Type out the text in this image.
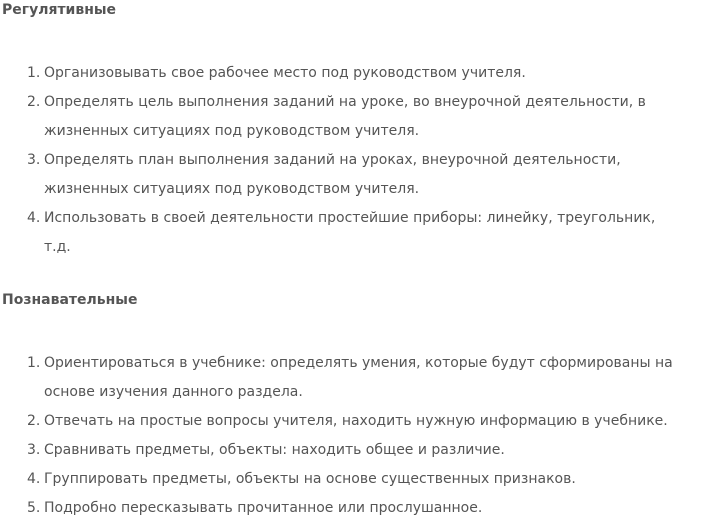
Регулятивные
1. Организовывать свое рабочее место под руководством учителя.
2. Определять цель выполнения заданий на уроке, во внеурочной деятельности, в
жизненных ситуациях под руководством учителя.
3. Определять план выполнения заданий на уроках, внеурочной деятельности,
жизненных ситуациях под руководством учителя.
4. Использовать в своей деятельности простейшие приборы: линейку, треугольник,
т.д.
Познавательные
1. Ориентироваться в учебнике: определять умения, которые будут сформированы на
основе изучения данного раздела.
2. Отвечать на простые вопросы учителя, находить нужную информацию в учебнике.
3. Сравнивать предметы, объекты: находить общее и различие.
4. Группировать предметы, объекты на основе существенных признаков.
5. Подробно пересказывать прочитанное или прослушанное.
